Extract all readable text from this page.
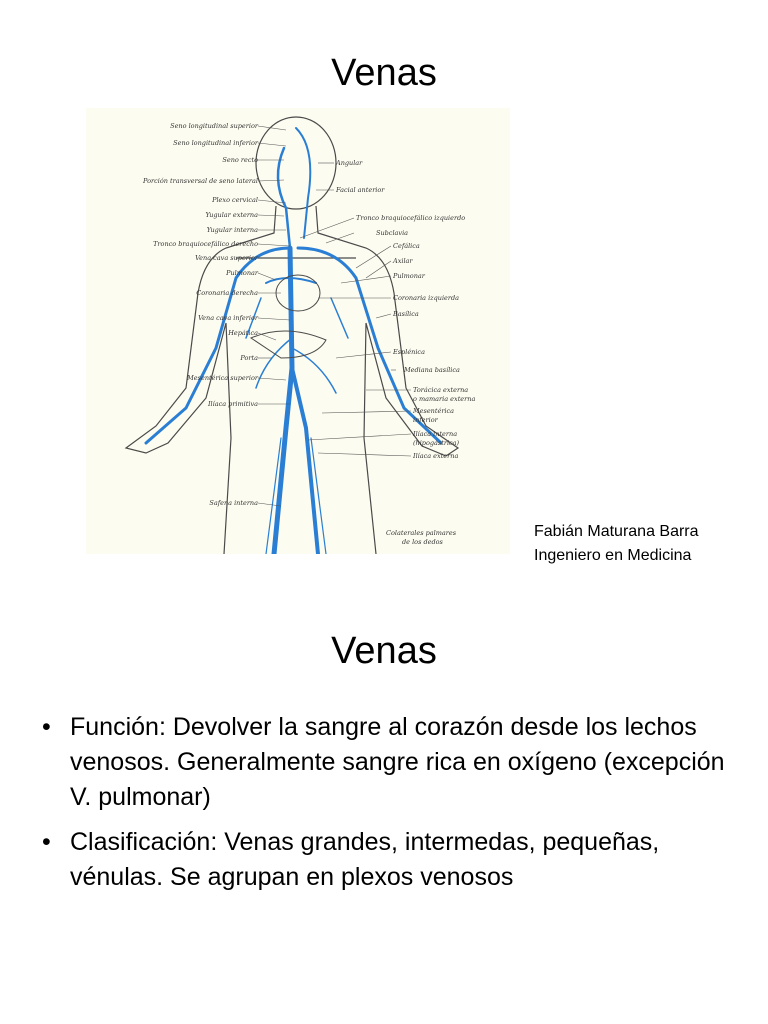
Venas
Seno longitudinal superior
Seno longitudinal inferior
Seno recto
Porción transversal de seno lateral
Plexo cervical
Yugular externa
Yugular interna
Tronco braquiocefálico derecho
Vena cava superior
Pulmonar
Coronaria derecha
Vena cava inferior
Hepática
Porta
Mesentérica superior
Ilíaca primitiva
Safena interna
Angular
Facial anterior
Tronco braquiocefálico izquierdo
Subclavia
Cefálica
Axilar
Pulmonar
Coronaria izquierda
Basílica
Esplénica
Mediana basílica
Torácica externa
o mamaria externa
Mesentérica
inferior
Ilíaca interna
(hipogástrica)
Ilíaca externa
Colaterales palmares
de los dedos
Fabián Maturana Barra
Ingeniero en Medicina
Venas
• Función: Devolver la sangre al corazón desde los lechos venosos. Generalmente sangre rica en oxígeno (excepción V. pulmonar)
• Clasificación: Venas grandes, intermedas, pequeñas, vénulas. Se agrupan en plexos venosos
